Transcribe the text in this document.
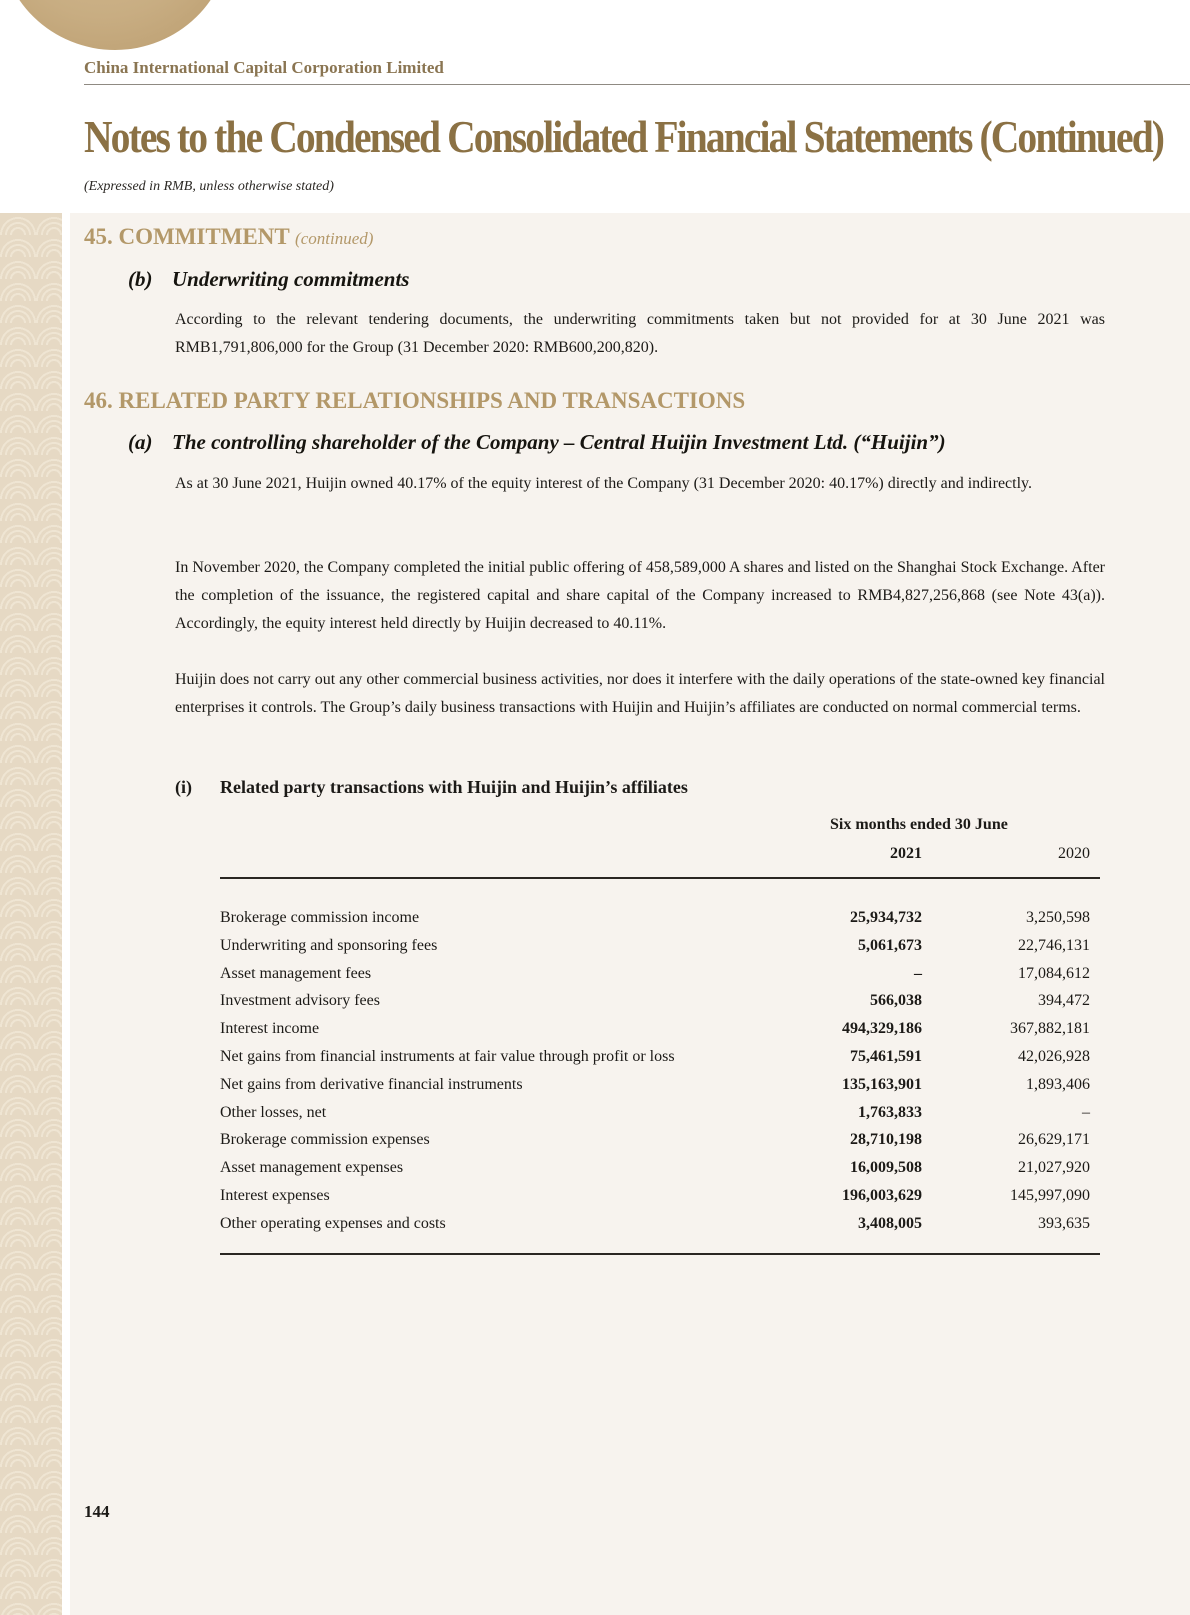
China International Capital Corporation Limited
Notes to the Condensed Consolidated Financial Statements (Continued)
(Expressed in RMB, unless otherwise stated)
45. COMMITMENT (continued)
(b) Underwriting commitments
According to the relevant tendering documents, the underwriting commitments taken but not provided for at 30 June 2021 was RMB1,791,806,000 for the Group (31 December 2020: RMB600,200,820).
46. RELATED PARTY RELATIONSHIPS AND TRANSACTIONS
(a) The controlling shareholder of the Company – Central Huijin Investment Ltd. (“Huijin”)
As at 30 June 2021, Huijin owned 40.17% of the equity interest of the Company (31 December 2020: 40.17%) directly and indirectly.
In November 2020, the Company completed the initial public offering of 458,589,000 A shares and listed on the Shanghai Stock Exchange. After the completion of the issuance, the registered capital and share capital of the Company increased to RMB4,827,256,868 (see Note 43(a)). Accordingly, the equity interest held directly by Huijin decreased to 40.11%.
Huijin does not carry out any other commercial business activities, nor does it interfere with the daily operations of the state-owned key financial enterprises it controls. The Group’s daily business transactions with Huijin and Huijin’s affiliates are conducted on normal commercial terms.
(i) Related party transactions with Huijin and Huijin’s affiliates
Six months ended 30 June
2021	2020
Brokerage commission income	25,934,732	3,250,598
Underwriting and sponsoring fees	5,061,673	22,746,131
Asset management fees	–	17,084,612
Investment advisory fees	566,038	394,472
Interest income	494,329,186	367,882,181
Net gains from financial instruments at fair value through profit or loss	75,461,591	42,026,928
Net gains from derivative financial instruments	135,163,901	1,893,406
Other losses, net	1,763,833	–
Brokerage commission expenses	28,710,198	26,629,171
Asset management expenses	16,009,508	21,027,920
Interest expenses	196,003,629	145,997,090
Other operating expenses and costs	3,408,005	393,635
144
